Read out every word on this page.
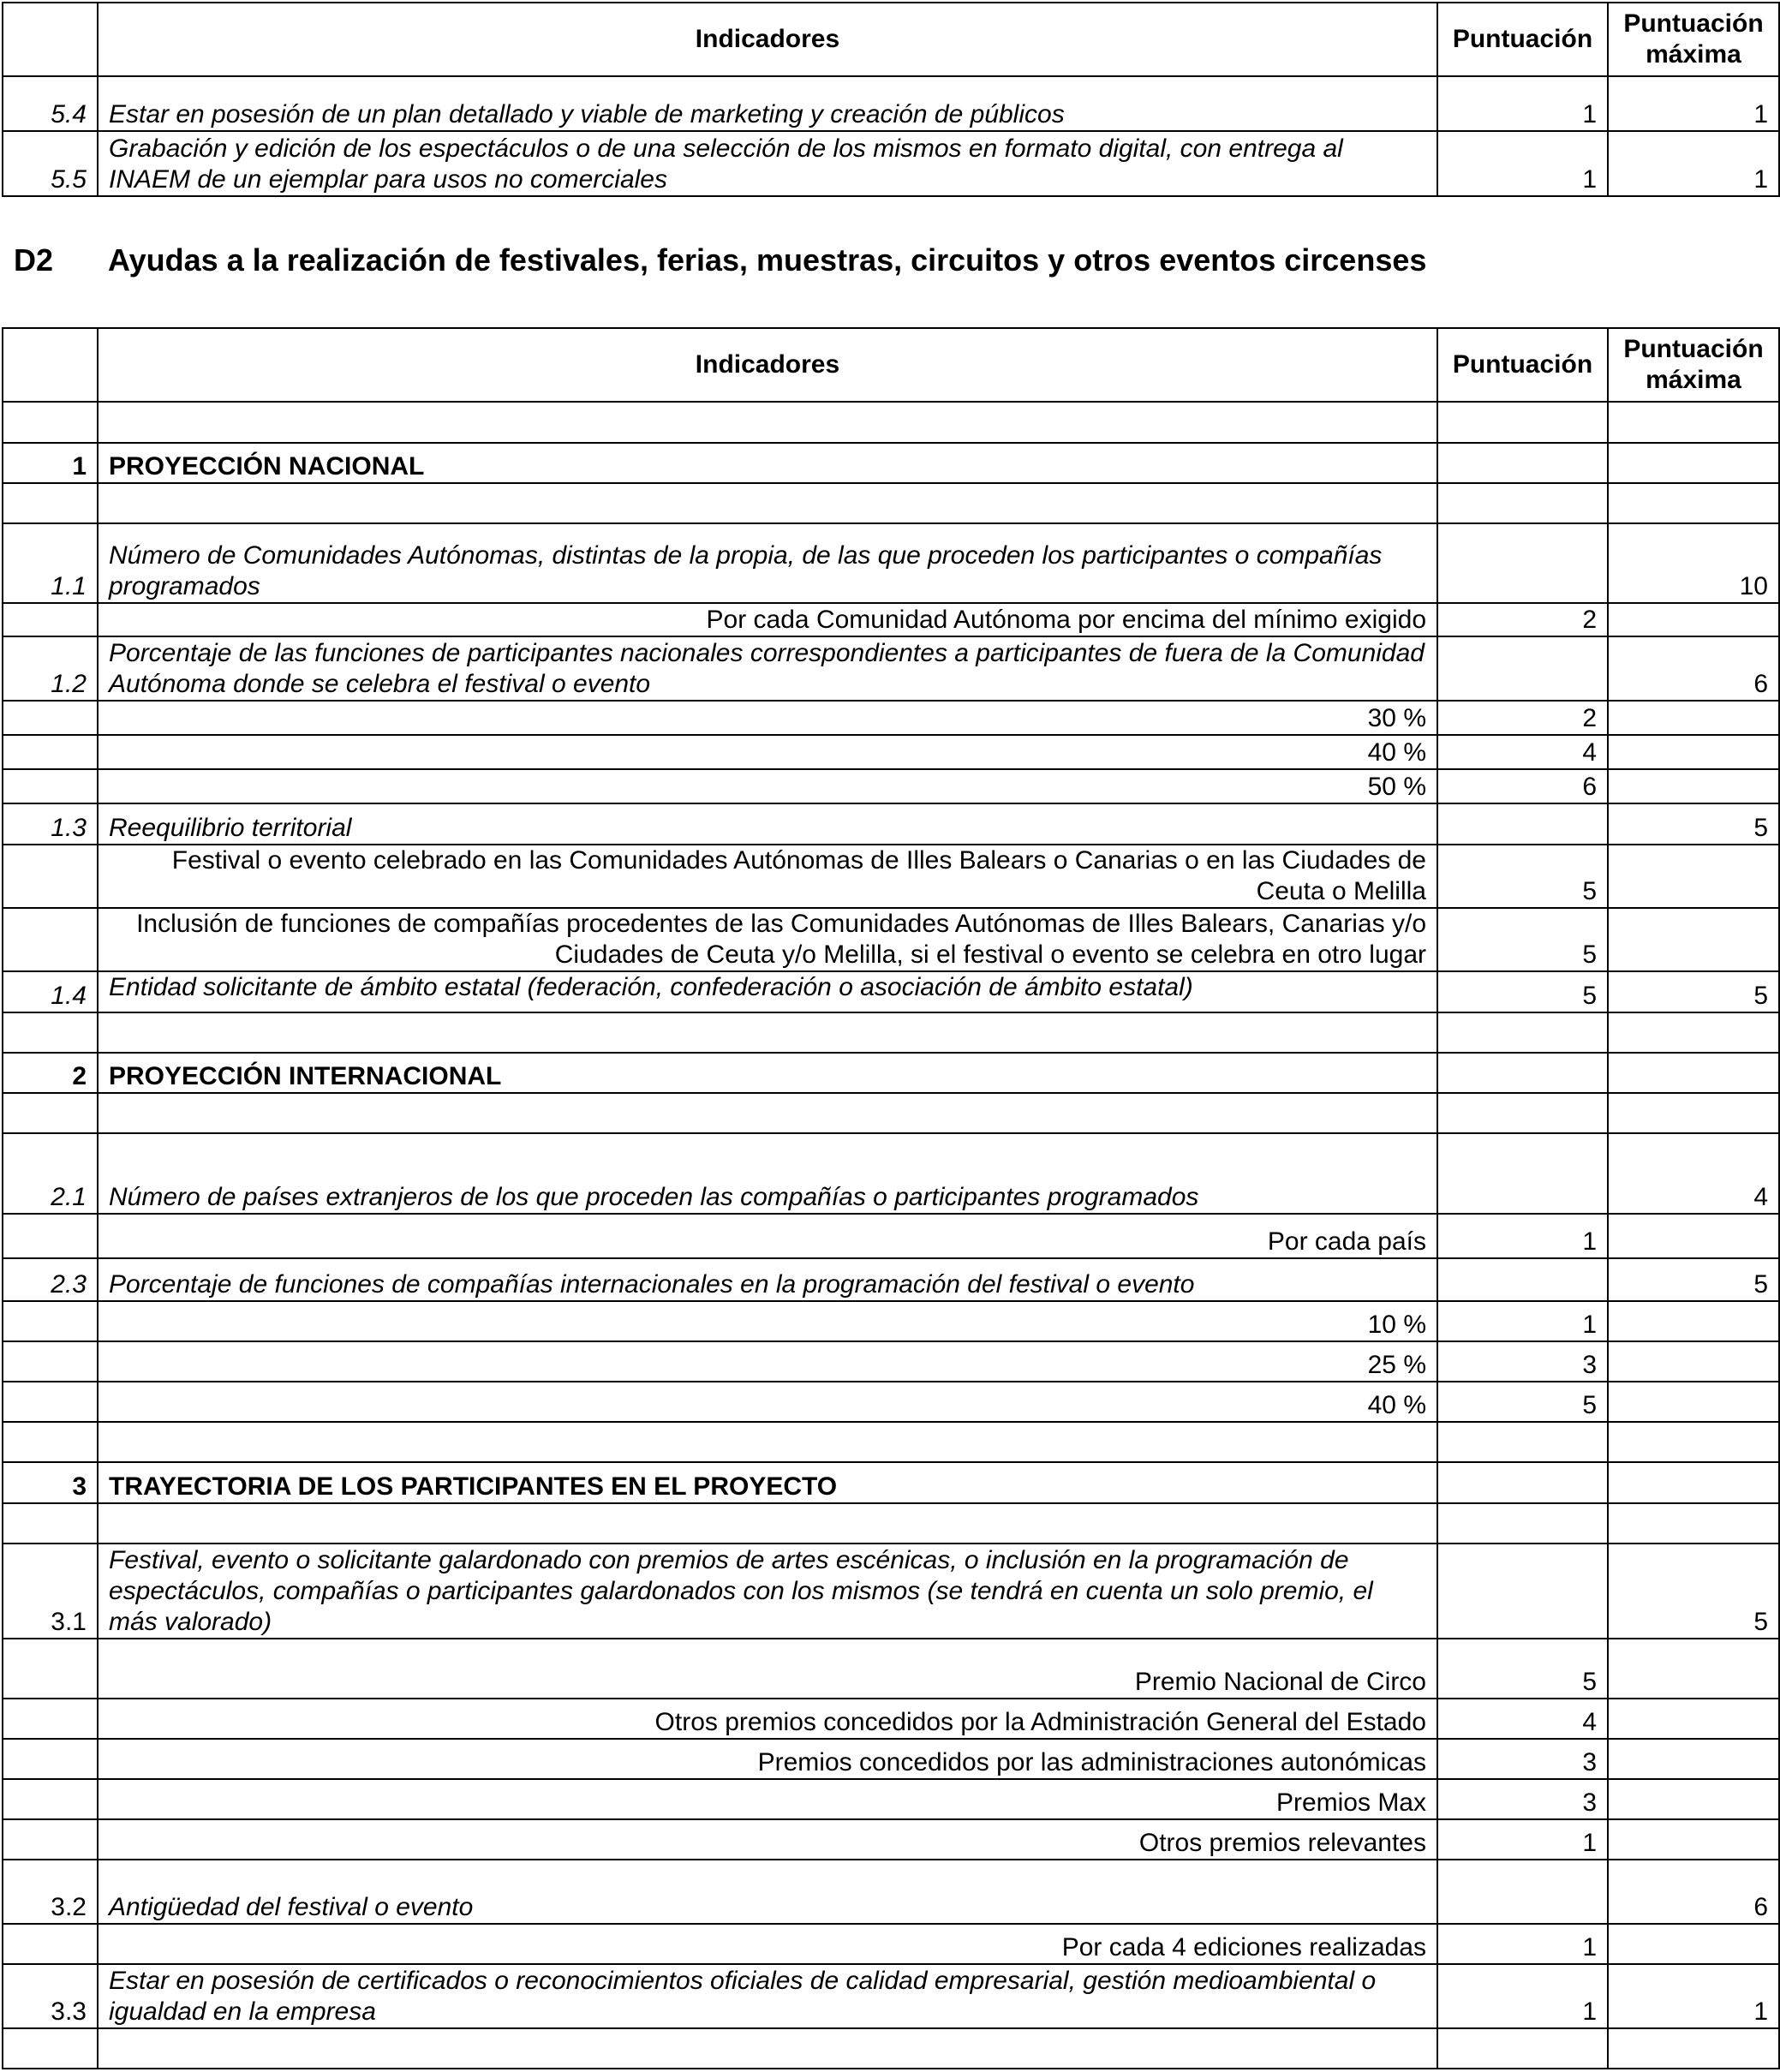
	Indicadores	Puntuación	Puntuación máxima
5.4	Estar en posesión de un plan detallado y viable de marketing y creación de públicos	1	1
5.5	Grabación y edición de los espectáculos o de una selección de los mismos en formato digital, con entrega al INAEM de un ejemplar para usos no comerciales	1	1
D2 Ayudas a la realización de festivales, ferias, muestras, circuitos y otros eventos circenses
	Indicadores	Puntuación	Puntuación máxima

1	PROYECCIÓN NACIONAL		

1.1	Número de Comunidades Autónomas, distintas de la propia, de las que proceden los participantes o compañías programados		10
	Por cada Comunidad Autónoma por encima del mínimo exigido	2	
1.2	Porcentaje de las funciones de participantes nacionales correspondientes a participantes de fuera de la Comunidad Autónoma donde se celebra el festival o evento		6
	30 %	2	
	40 %	4	
	50 %	6	
1.3	Reequilibrio territorial		5
	Festival o evento celebrado en las Comunidades Autónomas de Illes Balears o Canarias o en las Ciudades de Ceuta o Melilla	5	
	Inclusión de funciones de compañías procedentes de las Comunidades Autónomas de Illes Balears, Canarias y/o Ciudades de Ceuta y/o Melilla, si el festival o evento se celebra en otro lugar	5	
1.4	Entidad solicitante de ámbito estatal (federación, confederación o asociación de ámbito estatal)	5	5

2	PROYECCIÓN INTERNACIONAL		

2.1	Número de países extranjeros de los que proceden las compañías o participantes programados		4
	Por cada país	1	
2.3	Porcentaje de funciones de compañías internacionales en la programación del festival o evento		5
	10 %	1	
	25 %	3	
	40 %	5	

3	TRAYECTORIA DE LOS PARTICIPANTES EN EL PROYECTO		

3.1	Festival, evento o solicitante galardonado con premios de artes escénicas, o inclusión en la programación de espectáculos, compañías o participantes galardonados con los mismos (se tendrá en cuenta un solo premio, el más valorado)		5
	Premio Nacional de Circo	5	
	Otros premios concedidos por la Administración General del Estado	4	
	Premios concedidos por las administraciones autonómicas	3	
	Premios Max	3	
	Otros premios relevantes	1	
3.2	Antigüedad del festival o evento		6
	Por cada 4 ediciones realizadas	1	
3.3	Estar en posesión de certificados o reconocimientos oficiales de calidad empresarial, gestión medioambiental o igualdad en la empresa	1	1
